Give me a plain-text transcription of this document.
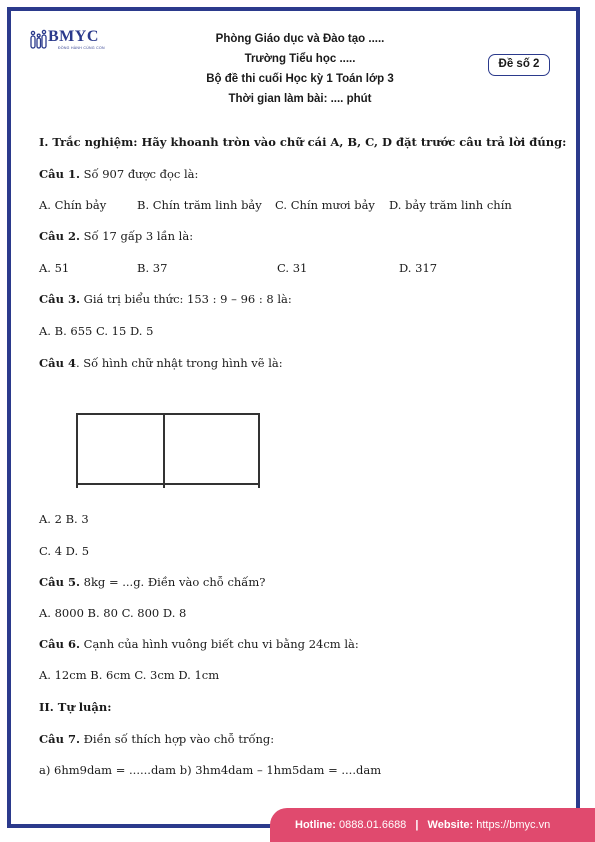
BMYC
ĐỒNG HÀNH CÙNG CON
Phòng Giáo dục và Đào tạo .....
Trường Tiểu học .....
Bộ đề thi cuối Học kỳ 1 Toán lớp 3
Thời gian làm bài: .... phút
Đề số 2
I. Trắc nghiệm: Hãy khoanh tròn vào chữ cái A, B, C, D đặt trước câu trả lời đúng:
Câu 1. Số 907 được đọc là:
A. Chín bảy	B. Chín trăm linh bảy C. Chín mươi bảy D. bảy trăm linh chín
Câu 2. Số 17 gấp 3 lần là:
A. 51	B. 37	C. 31	D. 317
Câu 3. Giá trị biểu thức: 153 : 9 – 96 : 8 là:
A. B. 655 C. 15 D. 5
Câu 4. Số hình chữ nhật trong hình vẽ là:
A. 2 B. 3
C. 4 D. 5
Câu 5. 8kg = ...g. Điền vào chỗ chấm?
A. 8000 B. 80 C. 800 D. 8
Câu 6. Cạnh của hình vuông biết chu vi bằng 24cm là:
A. 12cm B. 6cm C. 3cm D. 1cm
II. Tự luận:
Câu 7. Điền số thích hợp vào chỗ trống:
a) 6hm9dam = ......dam b) 3hm4dam – 1hm5dam = ....dam
Hotline: 0888.01.6688 | Website: https://bmyc.vn
